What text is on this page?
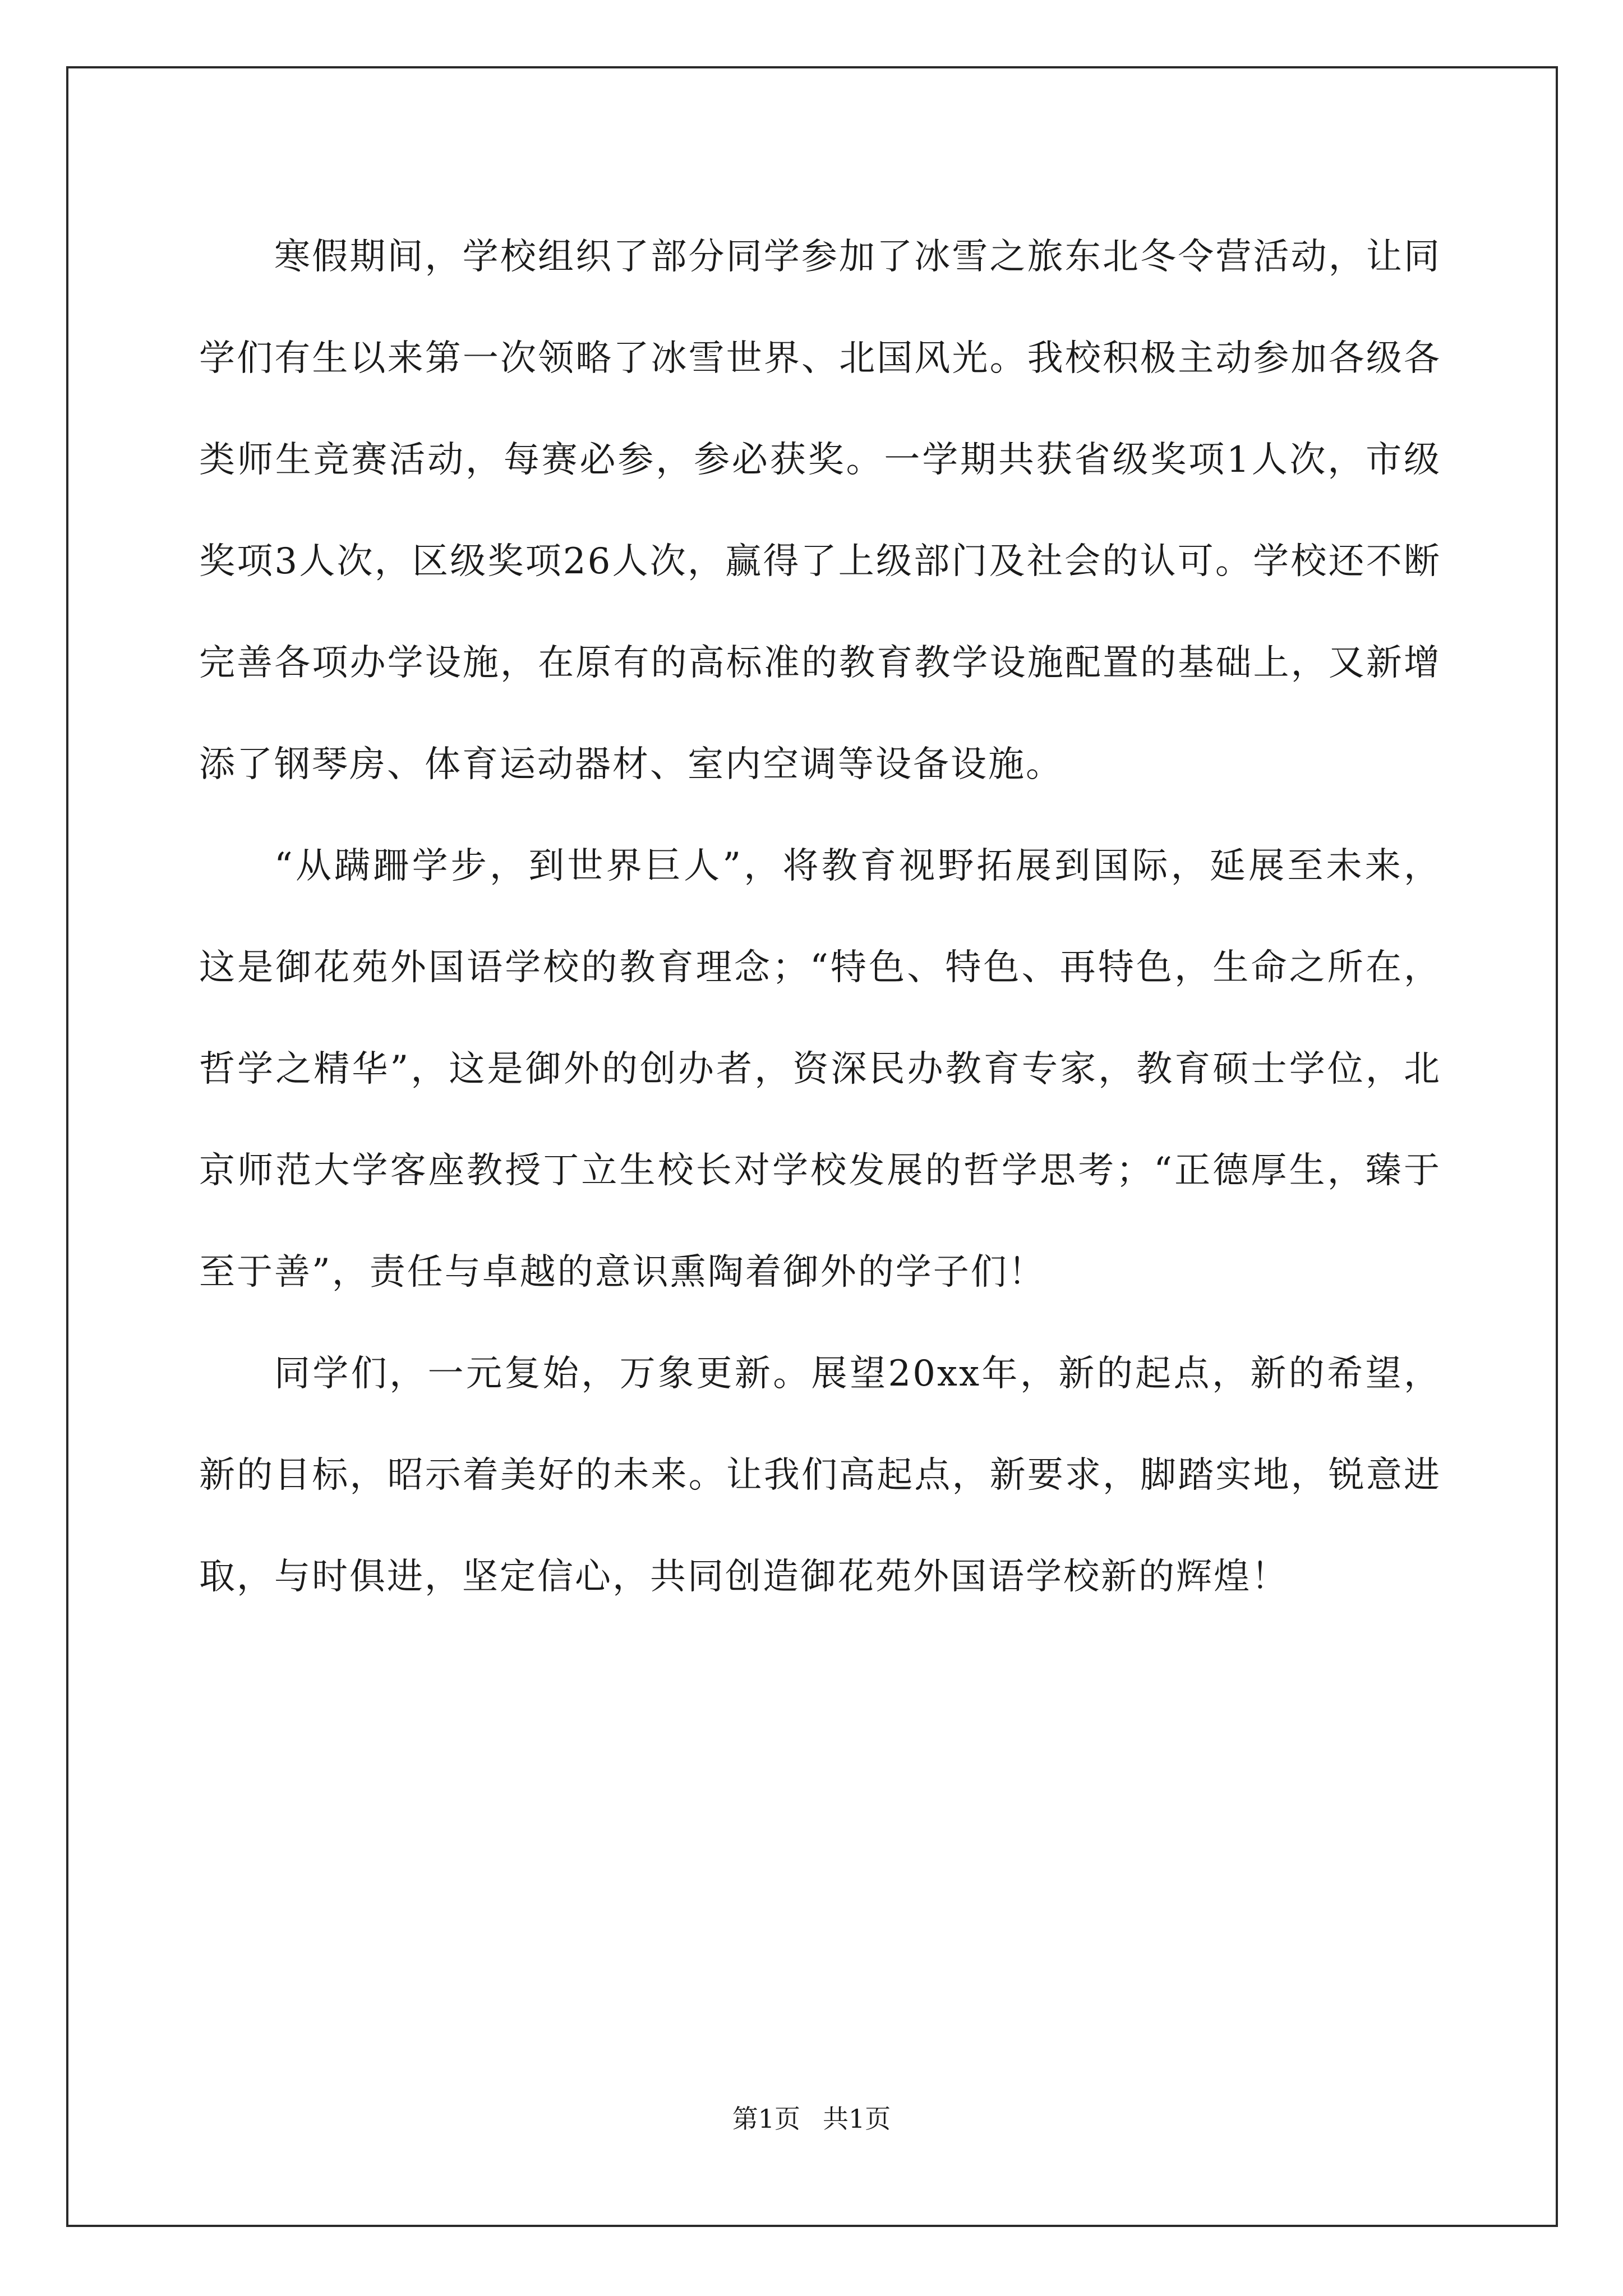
寒假期间，学校组织了部分同学参加了冰雪之旅东北冬令营活动，让同学们有生以来第一次领略了冰雪世界、北国风光。我校积极主动参加各级各类师生竞赛活动，每赛必参，参必获奖。一学期共获省级奖项1人次，市级奖项3人次，区级奖项26人次，赢得了上级部门及社会的认可。学校还不断完善各项办学设施，在原有的高标准的教育教学设施配置的基础上，又新增添了钢琴房、体育运动器材、室内空调等设备设施。

“从蹒跚学步，到世界巨人”，将教育视野拓展到国际，延展至未来，这是御花苑外国语学校的教育理念；“特色、特色、再特色，生命之所在，哲学之精华”，这是御外的创办者，资深民办教育专家，教育硕士学位，北京师范大学客座教授丁立生校长对学校发展的哲学思考；“正德厚生，臻于至于善”，责任与卓越的意识熏陶着御外的学子们！

同学们，一元复始，万象更新。展望20xx年，新的起点，新的希望，新的目标，昭示着美好的未来。让我们高起点，新要求，脚踏实地，锐意进取，与时俱进，坚定信心，共同创造御花苑外国语学校新的辉煌！

第1页 共1页
